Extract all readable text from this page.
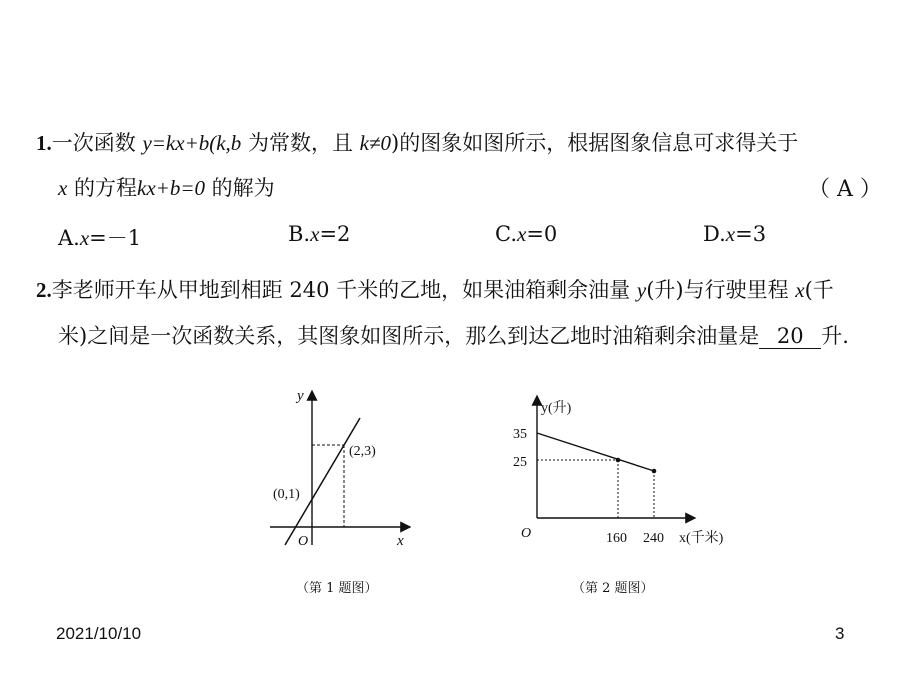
1.一次函数 y=kx+b(k,b 为常数，且 k≠0)的图象如图所示，根据图象信息可求得关于
x 的方程kx+b=0 的解为	（ A ）
A.x=－1	B.x=2	C.x=0	D.x=3
2.李老师开车从甲地到相距 240 千米的乙地，如果油箱剩余油量 y(升)与行驶里程 x(千
米)之间是一次函数关系，其图象如图所示，那么到达乙地时油箱剩余油量是 20 升.
y
x
O
(0,1)
(2,3)
（第 1 题图）
y(升)
x(千米)
O
35
25
160 240
（第 2 题图）
2021/10/10	3
